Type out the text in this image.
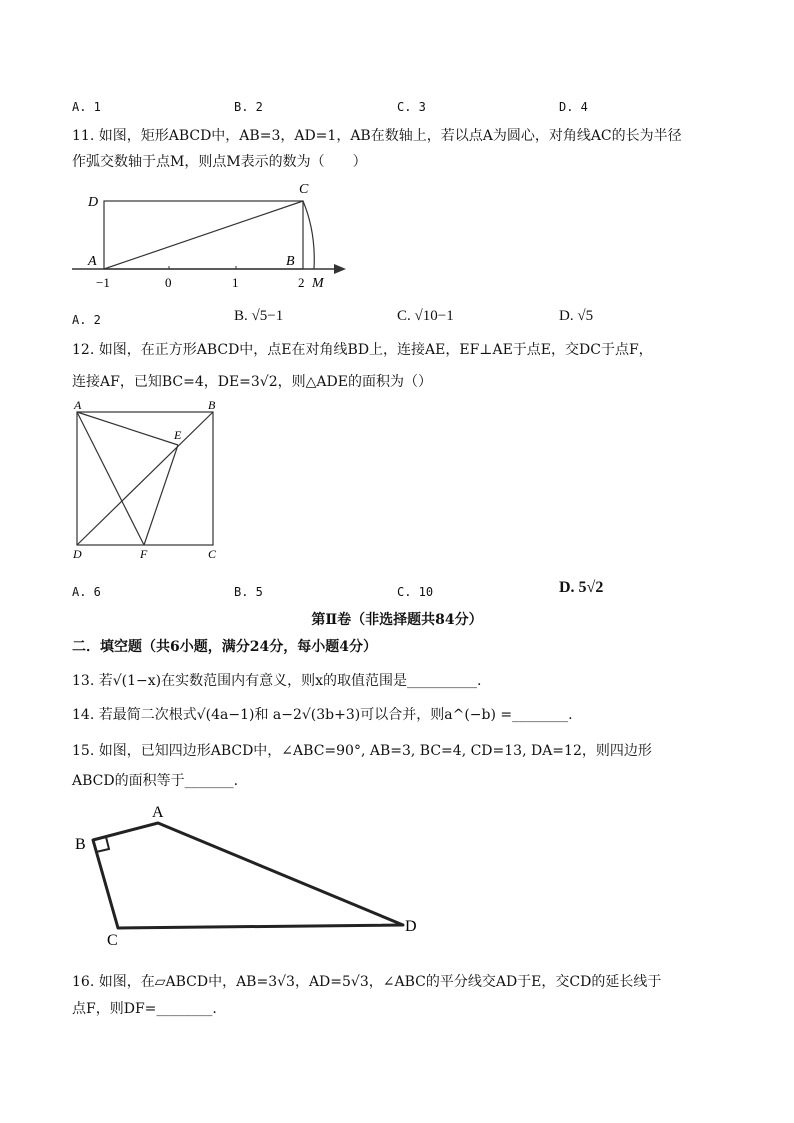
A. 1	B. 2	C. 3	D. 4
11. 如图，矩形ABCD中，AB=3，AD=1，AB在数轴上，若以点A为圆心，对角线AC的长为半径
作弧交数轴于点M，则点M表示的数为（　　）
D
C
A	B
−1	0	1	2 M
A. 2	B. √5−1	C. √10−1	D. √5
12. 如图，在正方形ABCD中，点E在对角线BD上，连接AE，EF⊥AE于点E，交DC于点F，
连接AF，已知BC=4，DE=3√2，则△ADE的面积为（）
A	B
E
D	F	C
A. 6	B. 5	C. 10	D. 5√2
第Ⅱ卷（非选择题共84分）
二．填空题（共6小题，满分24分，每小题4分）
13. 若√(1−x)在实数范围内有意义，则x的取值范围是__________.
14. 若最简二次根式√(4a−1)和 a−2√(3b+3)可以合并，则a^(−b) =________.
15. 如图，已知四边形ABCD中，∠ABC=90°, AB=3, BC=4, CD=13, DA=12，则四边形
ABCD的面积等于_______.
A
B
C
D
16. 如图，在▱ABCD中，AB=3√3，AD=5√3，∠ABC的平分线交AD于E，交CD的延长线于
点F，则DF=________.
